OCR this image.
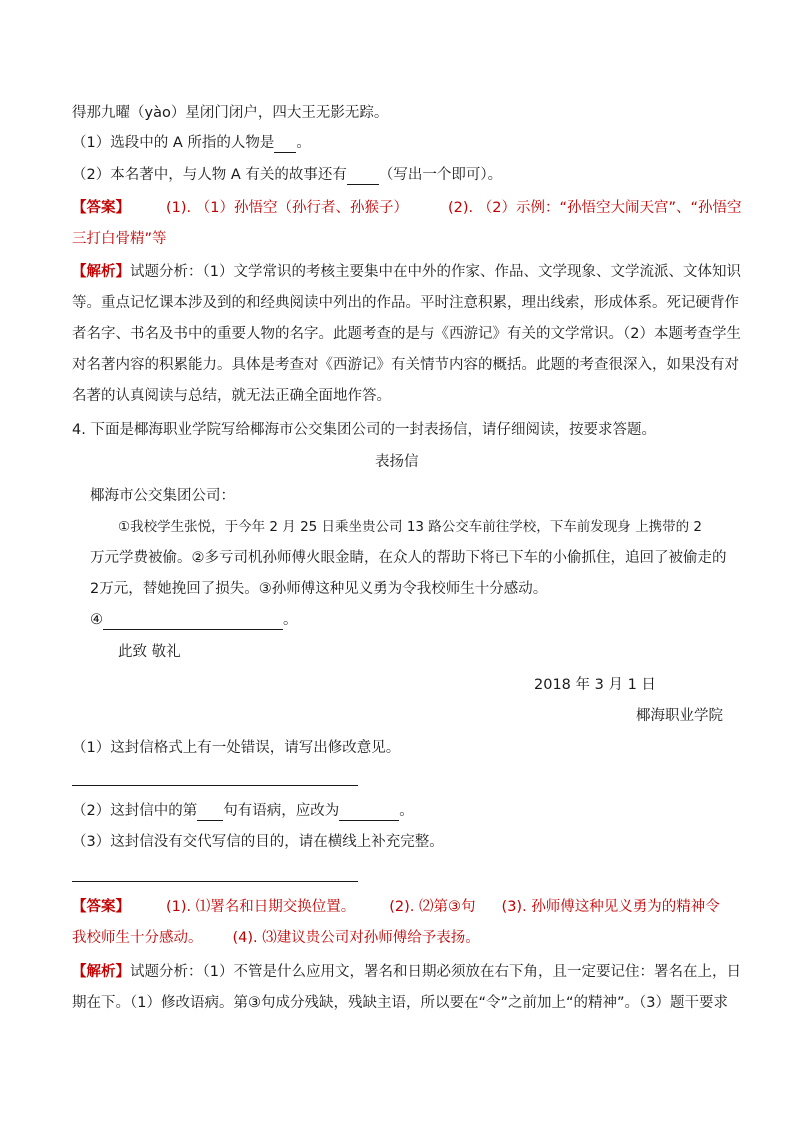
得那九曜（yào）星闭门闭户，四大王无影无踪。
（1）选段中的 A 所指的人物是 。
（2）本名著中，与人物 A 有关的故事还有 （写出一个即可）。
【答案】 (1). （1）孙悟空（孙行者、孙猴子）	(2). （2）示例：“孙悟空大闹天宫”、“孙悟空
三打白骨精”等
【解析】试题分析：（1）文学常识的考核主要集中在中外的作家、作品、文学现象、文学流派、文体知识
等。重点记忆课本涉及到的和经典阅读中列出的作品。平时注意积累，理出线索，形成体系。死记硬背作
者名字、书名及书中的重要人物的名字。此题考查的是与《西游记》有关的文学常识。（2）本题考查学生
对名著内容的积累能力。具体是考查对《西游记》有关情节内容的概括。此题的考查很深入，如果没有对
名著的认真阅读与总结，就无法正确全面地作答。
4. 下面是椰海职业学院写给椰海市公交集团公司的一封表扬信，请仔细阅读，按要求答题。
表扬信
椰海市公交集团公司：
①我校学生张悦，于今年 2 月 25 日乘坐贵公司 13 路公交车前往学校，下车前发现身 上携带的 2
万元学费被偷。②多亏司机孙师傅火眼金睛，在众人的帮助下将已下车的小偷抓住，追回了被偷走的
2万元，替她挽回了损失。③孙师傅这种见义勇为令我校师生十分感动。
④	。
此致 敬礼
2018 年 3 月 1 日
椰海职业学院
（1）这封信格式上有一处错误，请写出修改意见。
（2）这封信中的第 句有语病，应改为	。
（3）这封信没有交代写信的目的，请在横线上补充完整。
【答案】 (1). ⑴署名和日期交换位置。 (2). ⑵第③句 (3). 孙师傅这种见义勇为的精神令
我校师生十分感动。 (4). ⑶建议贵公司对孙师傅给予表扬。
【解析】试题分析：（1）不管是什么应用文，署名和日期必须放在右下角，且一定要记住：署名在上，日
期在下。（1）修改语病。第③句成分残缺，残缺主语，所以要在“令”之前加上“的精神”。（3）题干要求
